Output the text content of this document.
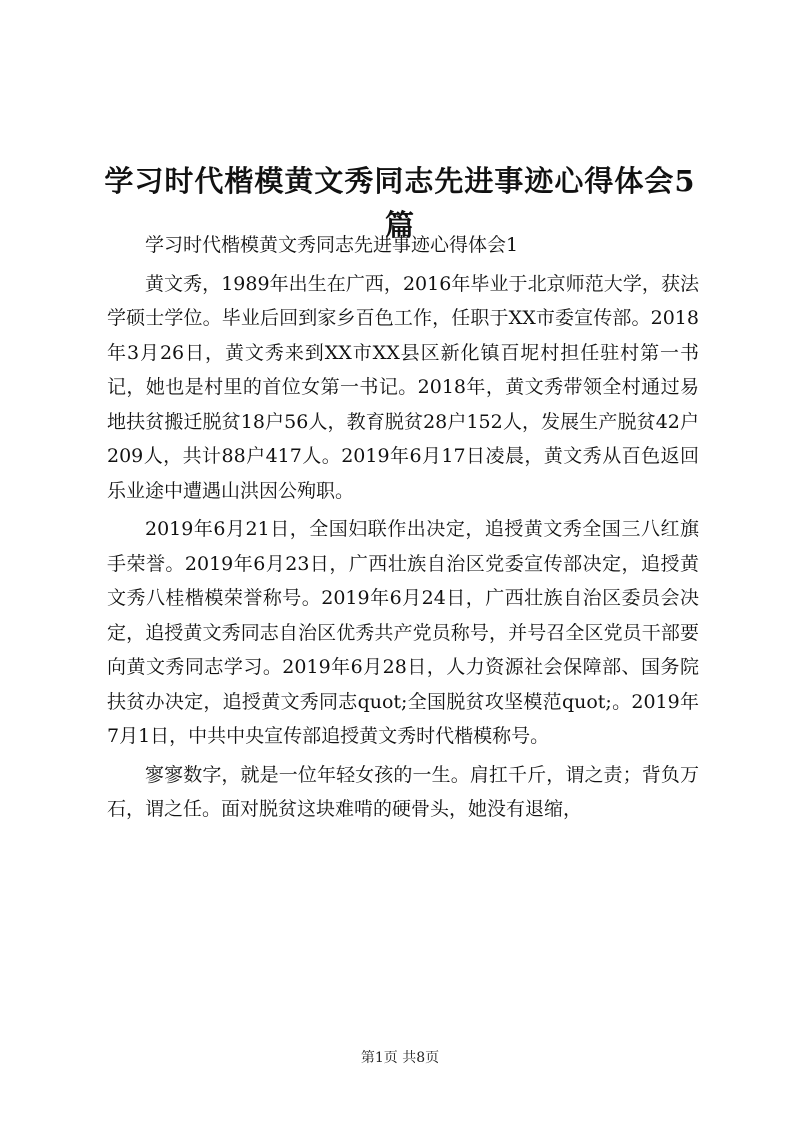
学习时代楷模黄文秀同志先进事迹心得体会5篇

学习时代楷模黄文秀同志先进事迹心得体会1

黄文秀，1989年出生在广西，2016年毕业于北京师范大学，获法学硕士学位。毕业后回到家乡百色工作，任职于XX市委宣传部。2018年3月26日，黄文秀来到XX市XX县区新化镇百坭村担任驻村第一书记，她也是村里的首位女第一书记。2018年，黄文秀带领全村通过易地扶贫搬迁脱贫18户56人，教育脱贫28户152人，发展生产脱贫42户209人，共计88户417人。2019年6月17日凌晨，黄文秀从百色返回乐业途中遭遇山洪因公殉职。

2019年6月21日，全国妇联作出决定，追授黄文秀全国三八红旗手荣誉。2019年6月23日，广西壮族自治区党委宣传部决定，追授黄文秀八桂楷模荣誉称号。2019年6月24日，广西壮族自治区委员会决定，追授黄文秀同志自治区优秀共产党员称号，并号召全区党员干部要向黄文秀同志学习。2019年6月28日，人力资源社会保障部、国务院扶贫办决定，追授黄文秀同志quot;全国脱贫攻坚模范quot;。2019年7月1日，中共中央宣传部追授黄文秀时代楷模称号。

寥寥数字，就是一位年轻女孩的一生。肩扛千斤，谓之责；背负万石，谓之任。面对脱贫这块难啃的硬骨头，她没有退缩，

第1页 共8页
